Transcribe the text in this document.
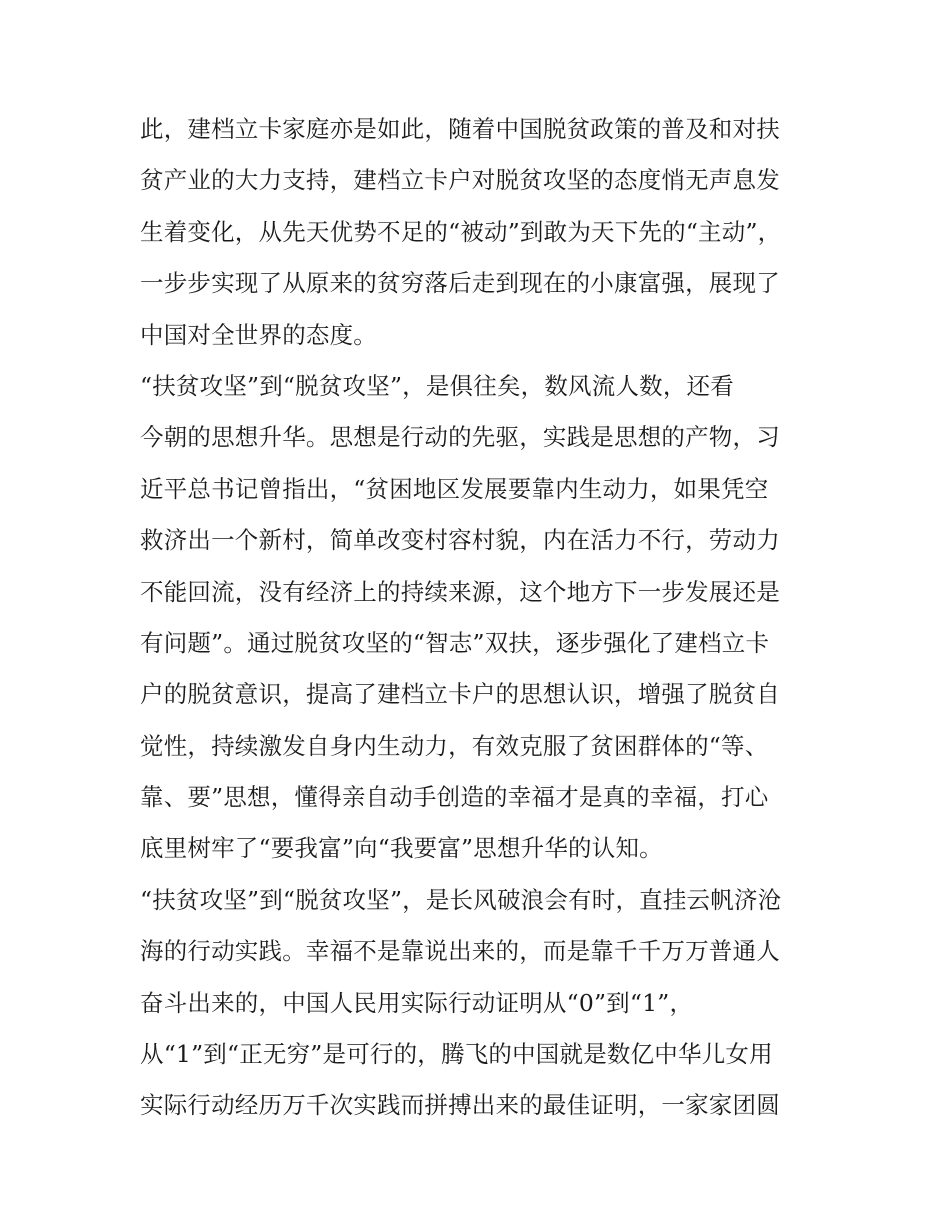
此，建档立卡家庭亦是如此，随着中国脱贫政策的普及和对扶
贫产业的大力支持，建档立卡户对脱贫攻坚的态度悄无声息发
生着变化，从先天优势不足的“被动”到敢为天下先的“主动”，
一步步实现了从原来的贫穷落后走到现在的小康富强，展现了
中国对全世界的态度。
“扶贫攻坚”到“脱贫攻坚”，是俱往矣，数风流人数，还看
今朝的思想升华。思想是行动的先驱，实践是思想的产物，习
近平总书记曾指出，“贫困地区发展要靠内生动力，如果凭空
救济出一个新村，简单改变村容村貌，内在活力不行，劳动力
不能回流，没有经济上的持续来源，这个地方下一步发展还是
有问题”。通过脱贫攻坚的“智志”双扶，逐步强化了建档立卡
户的脱贫意识，提高了建档立卡户的思想认识，增强了脱贫自
觉性，持续激发自身内生动力，有效克服了贫困群体的“等、
靠、要”思想，懂得亲自动手创造的幸福才是真的幸福，打心
底里树牢了“要我富”向“我要富”思想升华的认知。
“扶贫攻坚”到“脱贫攻坚”，是长风破浪会有时，直挂云帆济沧
海的行动实践。幸福不是靠说出来的，而是靠千千万万普通人
奋斗出来的，中国人民用实际行动证明从“0”到“1”，
从“1”到“正无穷”是可行的，腾飞的中国就是数亿中华儿女用
实际行动经历万千次实践而拼搏出来的最佳证明，一家家团圆
